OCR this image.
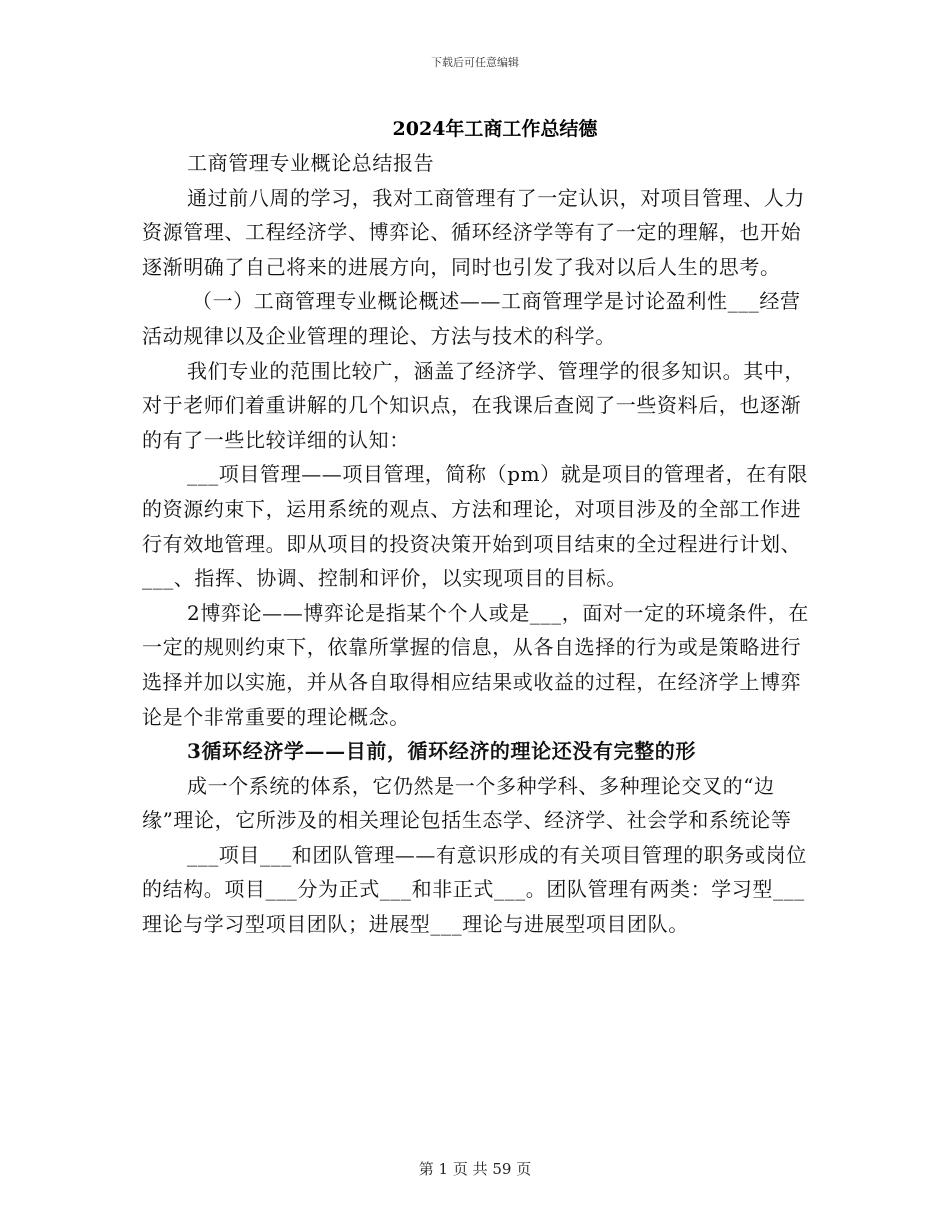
下载后可任意编辑
2024年工商工作总结德

工商管理专业概论总结报告

通过前八周的学习，我对工商管理有了一定认识，对项目管理、人力资源管理、工程经济学、博弈论、循环经济学等有了一定的理解，也开始逐渐明确了自己将来的进展方向，同时也引发了我对以后人生的思考。

（一）工商管理专业概论概述——工商管理学是讨论盈利性___经营活动规律以及企业管理的理论、方法与技术的科学。

我们专业的范围比较广，涵盖了经济学、管理学的很多知识。其中，对于老师们着重讲解的几个知识点，在我课后查阅了一些资料后，也逐渐的有了一些比较详细的认知：

___项目管理——项目管理，简称（pm）就是项目的管理者，在有限的资源约束下，运用系统的观点、方法和理论，对项目涉及的全部工作进行有效地管理。即从项目的投资决策开始到项目结束的全过程进行计划、___、指挥、协调、控制和评价，以实现项目的目标。

2博弈论——博弈论是指某个个人或是___，面对一定的环境条件，在一定的规则约束下，依靠所掌握的信息，从各自选择的行为或是策略进行选择并加以实施，并从各自取得相应结果或收益的过程，在经济学上博弈论是个非常重要的理论概念。

3循环经济学——目前，循环经济的理论还没有完整的形

成一个系统的体系，它仍然是一个多种学科、多种理论交叉的“边缘”理论，它所涉及的相关理论包括生态学、经济学、社会学和系统论等

___项目___和团队管理——有意识形成的有关项目管理的职务或岗位的结构。项目___分为正式___和非正式___。团队管理有两类：学习型___理论与学习型项目团队；进展型___理论与进展型项目团队。

第 1 页 共 59 页
